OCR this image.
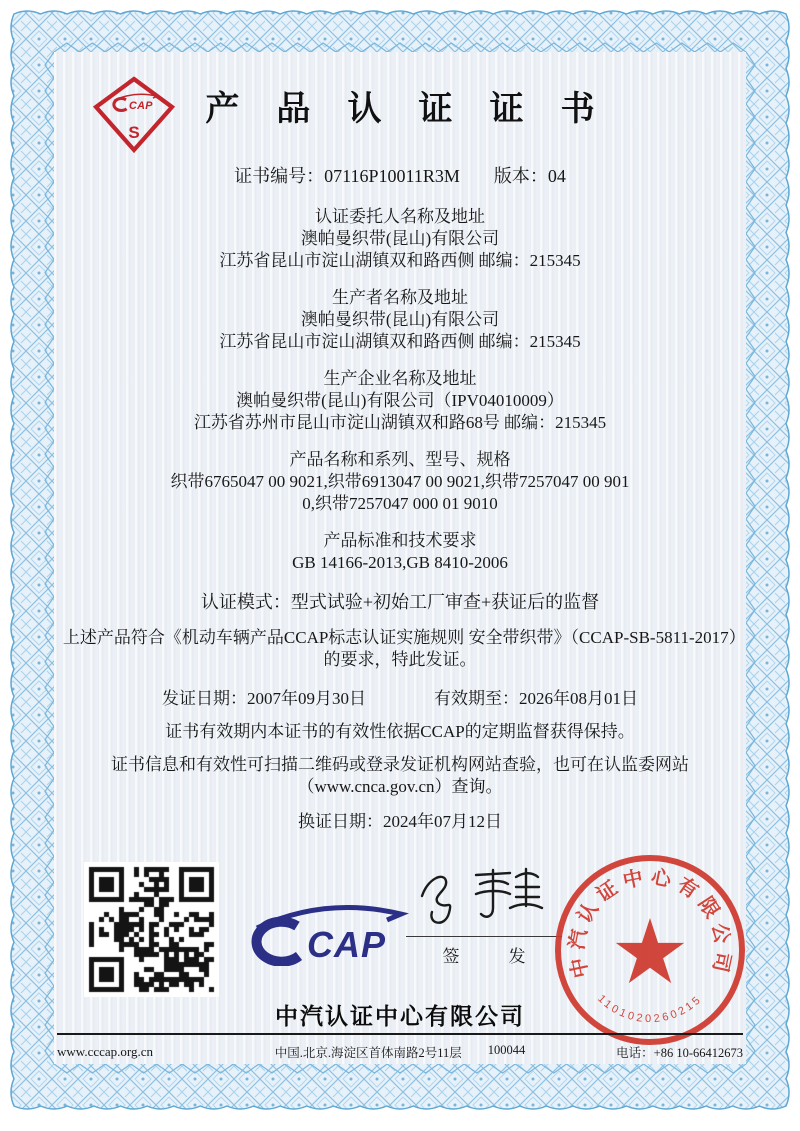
S
产 品 认 证 证 书
证书编号：07116P10011R3M 版本：04
认证委托人名称及地址
澳帕曼织带(昆山)有限公司
江苏省昆山市淀山湖镇双和路西侧 邮编：215345
生产者名称及地址
澳帕曼织带(昆山)有限公司
江苏省昆山市淀山湖镇双和路西侧 邮编：215345
生产企业名称及地址
澳帕曼织带(昆山)有限公司（IPV04010009）
江苏省苏州市昆山市淀山湖镇双和路68号 邮编：215345
产品名称和系列、型号、规格
织带6765047 00 9021,织带6913047 00 9021,织带7257047 00 9010,织带7257047 000 01 9010
产品标准和技术要求
GB 14166-2013,GB 8410-2006
认证模式：型式试验+初始工厂审查+获证后的监督
上述产品符合《机动车辆产品CCAP标志认证实施规则 安全带织带》（CCAP-SB-5811-2017）的要求，特此发证。
发证日期：2007年09月30日	有效期至：2026年08月01日
证书有效期内本证书的有效性依据CCAP的定期监督获得保持。
证书信息和有效性可扫描二维码或登录发证机构网站查验，也可在认监委网站（www.cnca.gov.cn）查询。
换证日期：2024年07月12日
签　发	中汽认证中心有限公司
1101020260215
中汽认证中心有限公司
www.cccap.org.cn	中国.北京.海淀区首体南路2号11层 100044	电话：+86 10-66412673
